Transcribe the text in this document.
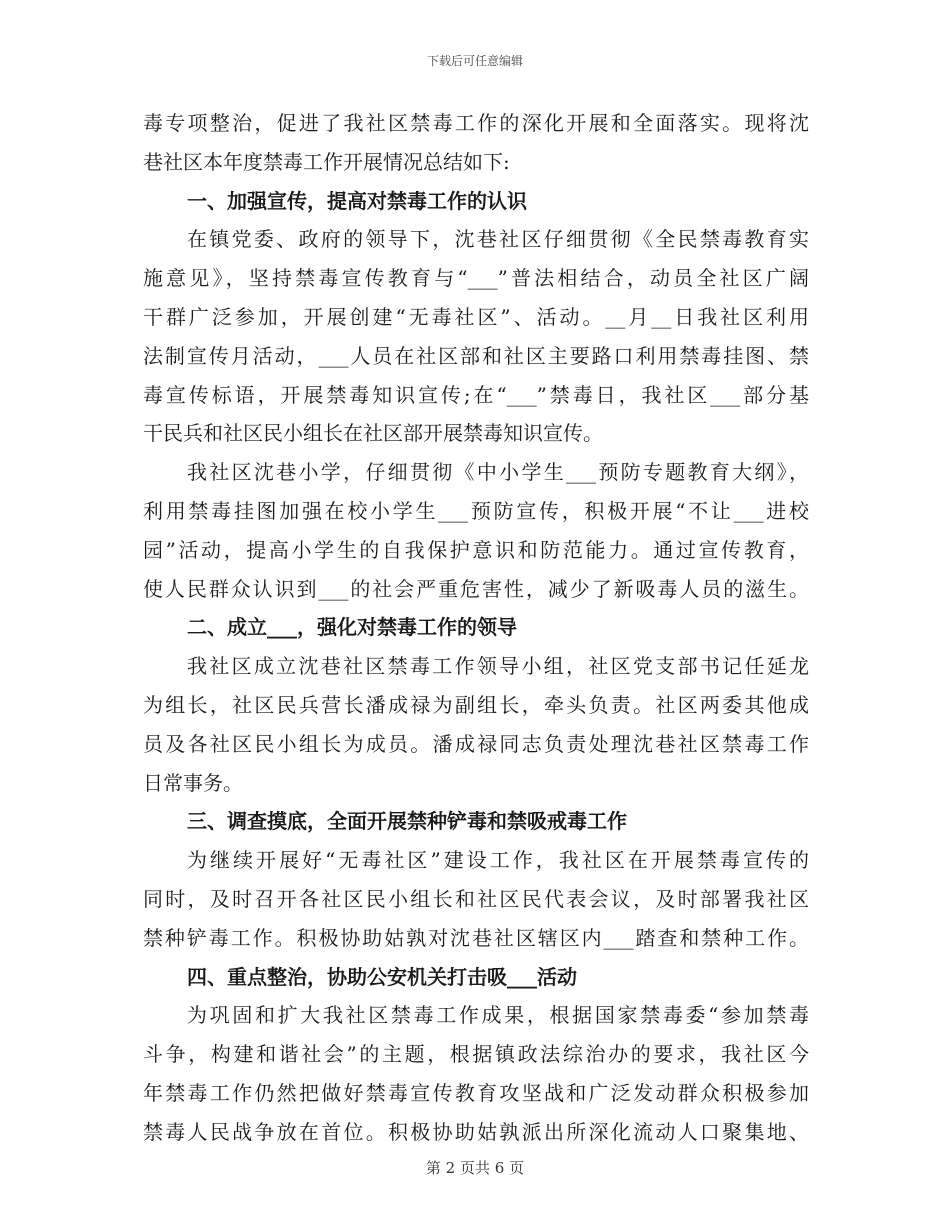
下载后可任意编辑
毒专项整治，促进了我社区禁毒工作的深化开展和全面落实。现将沈
巷社区本年度禁毒工作开展情况总结如下:
一、加强宣传，提高对禁毒工作的认识
在镇党委、政府的领导下，沈巷社区仔细贯彻《全民禁毒教育实
施意见》，坚持禁毒宣传教育与“___”普法相结合，动员全社区广阔
干群广泛参加，开展创建“无毒社区”、活动。__月__日我社区利用
法制宣传月活动，___人员在社区部和社区主要路口利用禁毒挂图、禁
毒宣传标语，开展禁毒知识宣传;在“___”禁毒日，我社区___部分基
干民兵和社区民小组长在社区部开展禁毒知识宣传。
我社区沈巷小学，仔细贯彻《中小学生___预防专题教育大纲》，
利用禁毒挂图加强在校小学生___预防宣传，积极开展“不让___进校
园”活动，提高小学生的自我保护意识和防范能力。通过宣传教育，
使人民群众认识到___的社会严重危害性，减少了新吸毒人员的滋生。
二、成立___，强化对禁毒工作的领导
我社区成立沈巷社区禁毒工作领导小组，社区党支部书记任延龙
为组长，社区民兵营长潘成禄为副组长，牵头负责。社区两委其他成
员及各社区民小组长为成员。潘成禄同志负责处理沈巷社区禁毒工作
日常事务。
三、调查摸底，全面开展禁种铲毒和禁吸戒毒工作
为继续开展好“无毒社区”建设工作，我社区在开展禁毒宣传的
同时，及时召开各社区民小组长和社区民代表会议，及时部署我社区
禁种铲毒工作。积极协助姑孰对沈巷社区辖区内___踏查和禁种工作。
四、重点整治，协助公安机关打击吸___活动
为巩固和扩大我社区禁毒工作成果，根据国家禁毒委“参加禁毒
斗争，构建和谐社会”的主题，根据镇政法综治办的要求，我社区今
年禁毒工作仍然把做好禁毒宣传教育攻坚战和广泛发动群众积极参加
禁毒人民战争放在首位。积极协助姑孰派出所深化流动人口聚集地、
第 2 页共 6 页
